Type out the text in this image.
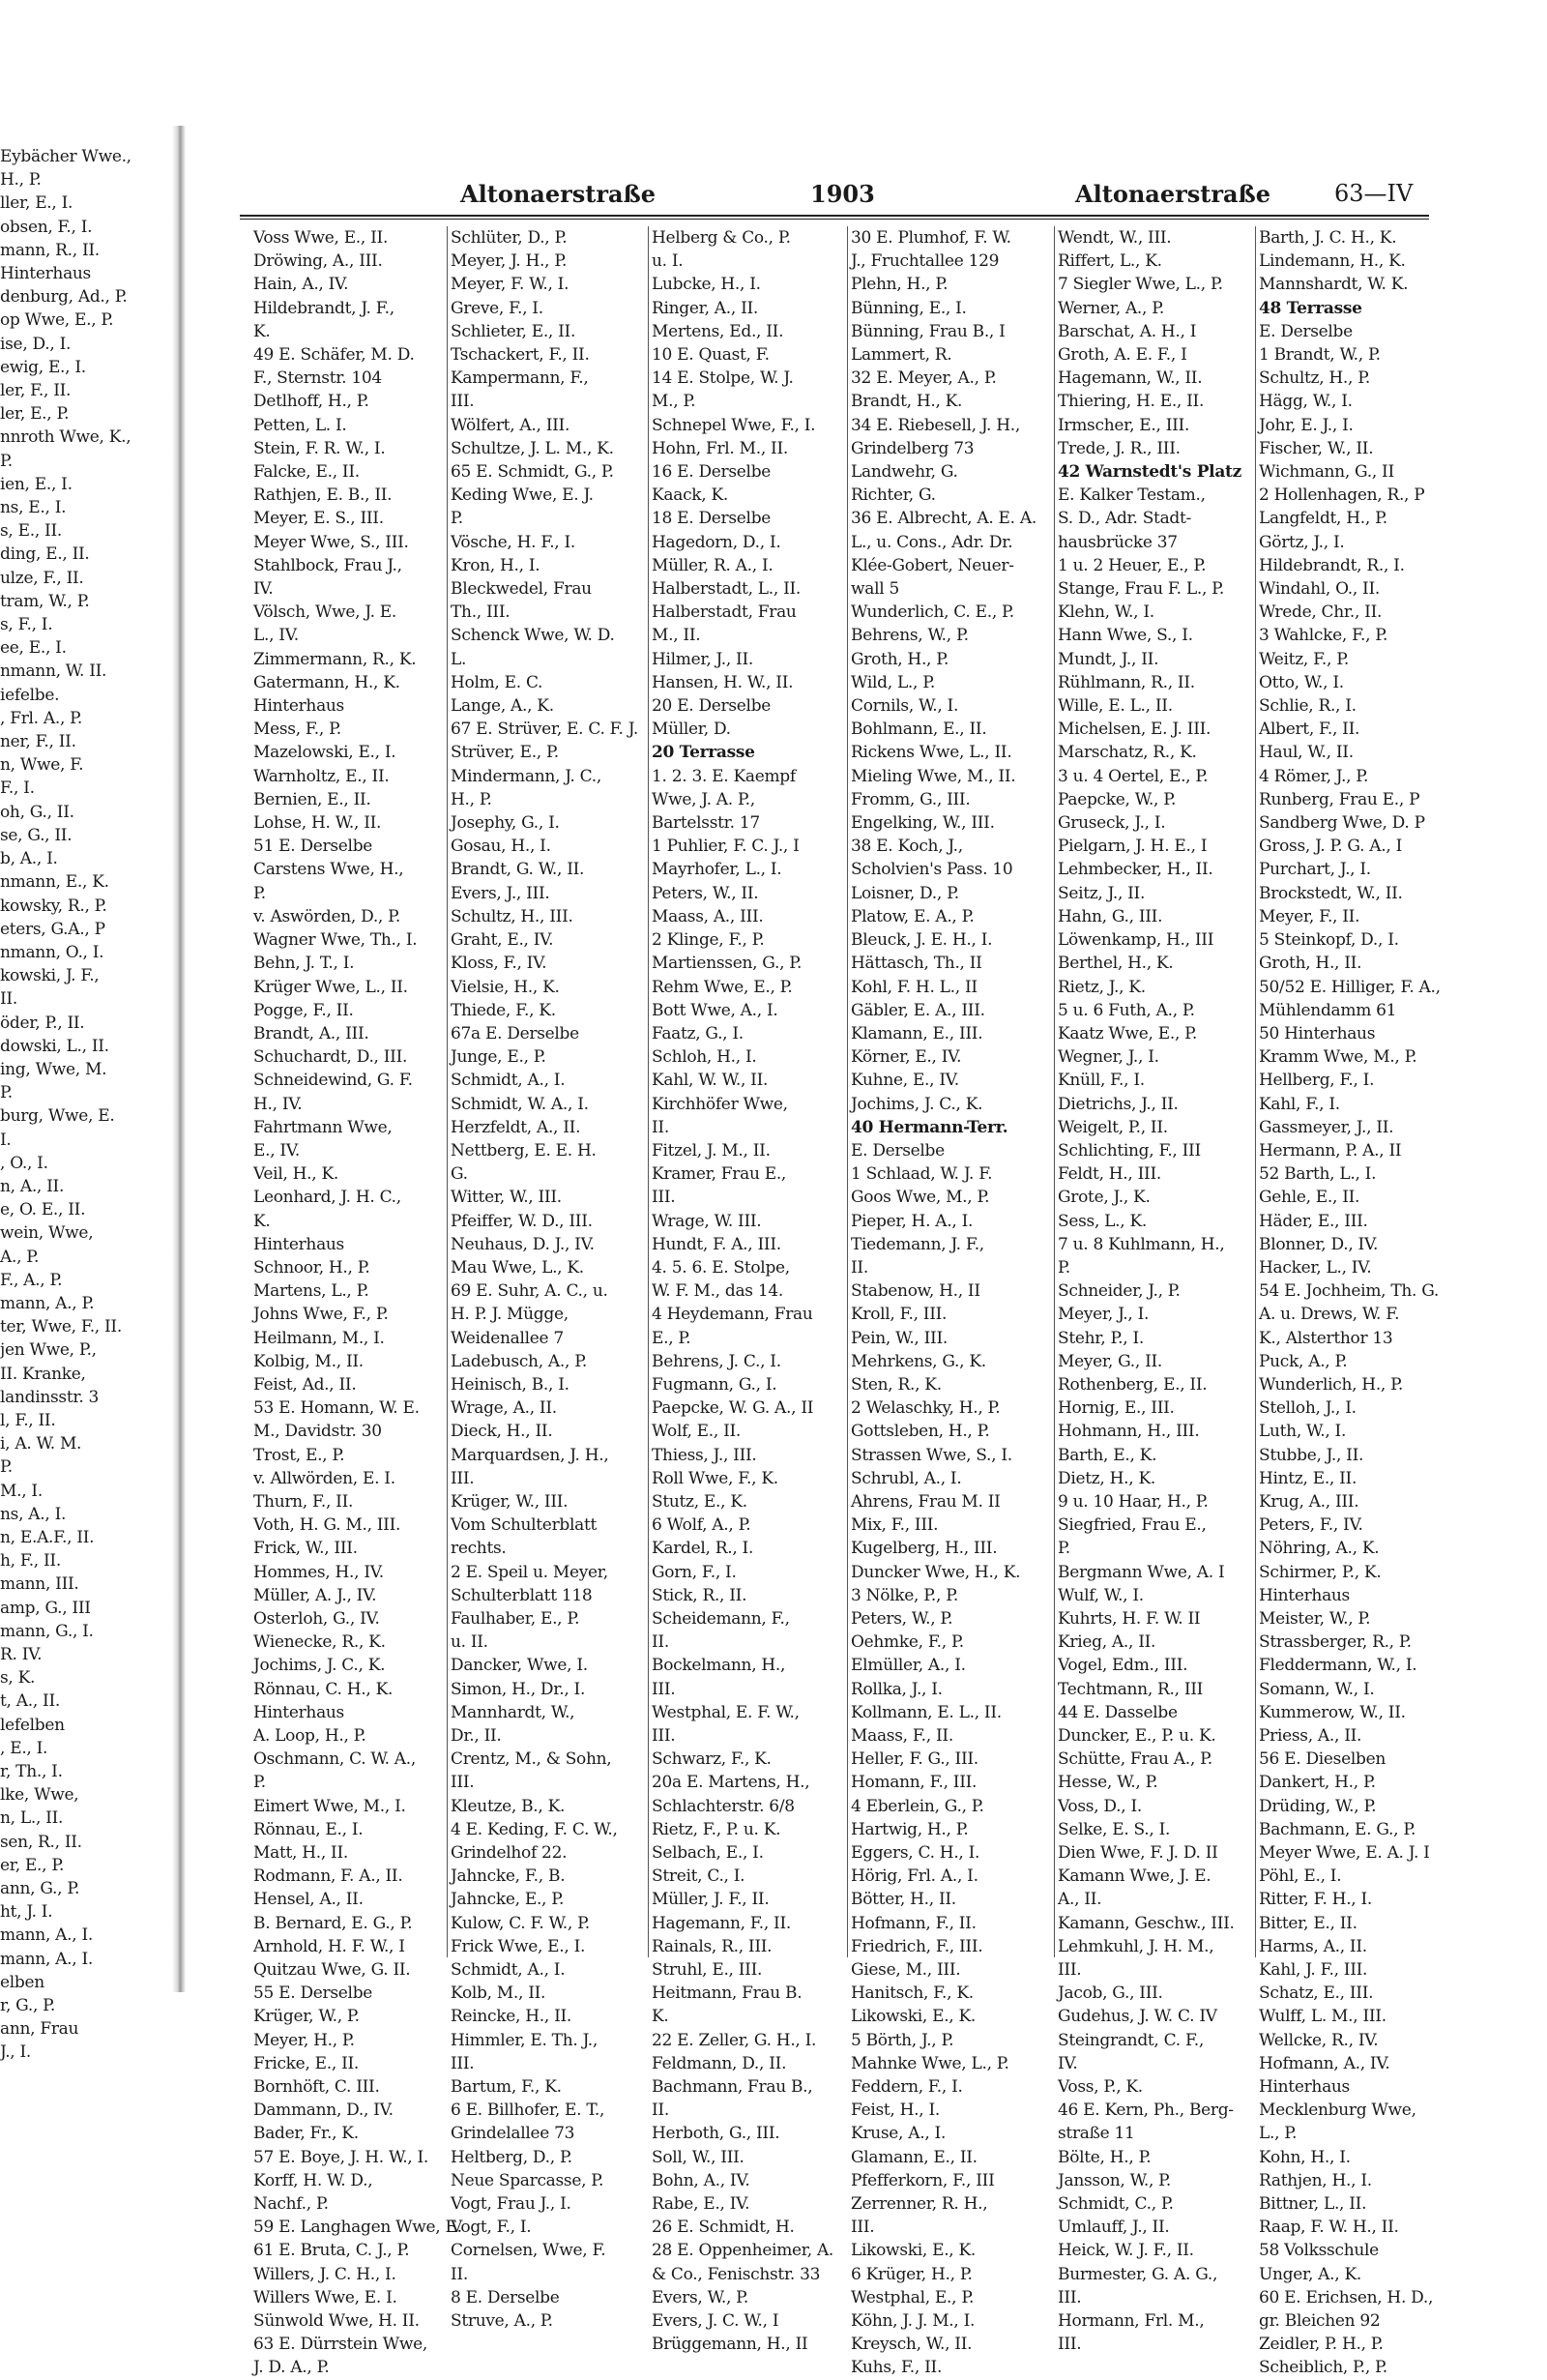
Eybächer Wwe.,
H., P.
ller, E., I.
obsen, F., I.
mann, R., II.
Hinterhaus
denburg, Ad., P.
op Wwe, E., P.
ise, D., I.
ewig, E., I.
ler, F., II.
ler, E., P.
nnroth Wwe, K.,
P.
ien, E., I.
ns, E., I.
s, E., II.
ding, E., II.
ulze, F., II.
tram, W., P.
s, F., I.
ee, E., I.
nmann, W. II.
iefelbe.
, Frl. A., P.
ner, F., II.
n, Wwe, F.
F., I.
oh, G., II.
se, G., II.
b, A., I.
nmann, E., K.
kowsky, R., P.
eters, G.A., P
nmann, O., I.
kowski, J. F.,
II.
öder, P., II.
dowski, L., II.
ing, Wwe, M.
P.
burg, Wwe, E.
I.
, O., I.
n, A., II.
e, O. E., II.
wein, Wwe,
A., P.
F., A., P.
mann, A., P.
ter, Wwe, F., II.
jen Wwe, P.,
II. Kranke,
landinsstr. 3
l, F., II.
i, A. W. M.
P.
M., I.
ns, A., I.
n, E.A.F., II.
h, F., II.
mann, III.
amp, G., III
mann, G., I.
R. IV.
s, K.
t, A., II.
lefelben
, E., I.
r, Th., I.
lke, Wwe,
n, L., II.
sen, R., II.
er, E., P.
ann, G., P.
ht, J. I.
mann, A., I.
mann, A., I.
elben
r, G., P.
ann, Frau
J., I.
Altonaerstraße	1903	Altonaerstraße	63—IV
Voss Wwe, E., II.
Dröwing, A., III.
Hain, A., IV.
Hildebrandt, J. F.,
K.
49 E. Schäfer, M. D.
F., Sternstr. 104
Detlhoff, H., P.
Petten, L. I.
Stein, F. R. W., I.
Falcke, E., II.
Rathjen, E. B., II.
Meyer, E. S., III.
Meyer Wwe, S., III.
Stahlbock, Frau J.,
IV.
Völsch, Wwe, J. E.
L., IV.
Zimmermann, R., K.
Gatermann, H., K.
Hinterhaus
Mess, F., P.
Mazelowski, E., I.
Warnholtz, E., II.
Bernien, E., II.
Lohse, H. W., II.
51 E. Derselbe
Carstens Wwe, H.,
P.
v. Aswörden, D., P.
Wagner Wwe, Th., I.
Behn, J. T., I.
Krüger Wwe, L., II.
Pogge, F., II.
Brandt, A., III.
Schuchardt, D., III.
Schneidewind, G. F.
H., IV.
Fahrtmann Wwe,
E., IV.
Veil, H., K.
Leonhard, J. H. C.,
K.
Hinterhaus
Schnoor, H., P.
Martens, L., P.
Johns Wwe, F., P.
Heilmann, M., I.
Kolbig, M., II.
Feist, Ad., II.
53 E. Homann, W. E.
M., Davidstr. 30
Trost, E., P.
v. Allwörden, E. I.
Thurn, F., II.
Voth, H. G. M., III.
Frick, W., III.
Hommes, H., IV.
Müller, A. J., IV.
Osterloh, G., IV.
Wienecke, R., K.
Jochims, J. C., K.
Rönnau, C. H., K.
Hinterhaus
A. Loop, H., P.
Oschmann, C. W. A.,
P.
Eimert Wwe, M., I.
Rönnau, E., I.
Matt, H., II.
Rodmann, F. A., II.
Hensel, A., II.
B. Bernard, E. G., P.
Arnhold, H. F. W., I
Quitzau Wwe, G. II.
55 E. Derselbe
Krüger, W., P.
Meyer, H., P.
Fricke, E., II.
Bornhöft, C. III.
Dammann, D., IV.
Bader, Fr., K.
57 E. Boye, J. H. W., I.
Korff, H. W. D.,
Nachf., P.
59 E. Langhagen Wwe, E.
61 E. Bruta, C. J., P.
Willers, J. C. H., I.
Willers Wwe, E. I.
Sünwold Wwe, H. II.
63 E. Dürrstein Wwe,
J. D. A., P.
Schlüter, D., P.
Meyer, J. H., P.
Meyer, F. W., I.
Greve, F., I.
Schlieter, E., II.
Tschackert, F., II.
Kampermann, F.,
III.
Wölfert, A., III.
Schultze, J. L. M., K.
65 E. Schmidt, G., P.
Keding Wwe, E. J.
P.
Vösche, H. F., I.
Kron, H., I.
Bleckwedel, Frau
Th., III.
Schenck Wwe, W. D.
L.
Holm, E. C.
Lange, A., K.
67 E. Strüver, E. C. F. J.
Strüver, E., P.
Mindermann, J. C.,
H., P.
Josephy, G., I.
Gosau, H., I.
Brandt, G. W., II.
Evers, J., III.
Schultz, H., III.
Graht, E., IV.
Kloss, F., IV.
Vielsie, H., K.
Thiede, F., K.
67a E. Derselbe
Junge, E., P.
Schmidt, A., I.
Schmidt, W. A., I.
Herzfeldt, A., II.
Nettberg, E. E. H.
G.
Witter, W., III.
Pfeiffer, W. D., III.
Neuhaus, D. J., IV.
Mau Wwe, L., K.
69 E. Suhr, A. C., u.
H. P. J. Mügge,
Weidenallee 7
Ladebusch, A., P.
Heinisch, B., I.
Wrage, A., II.
Dieck, H., II.
Marquardsen, J. H.,
III.
Krüger, W., III.
Vom Schulterblatt
rechts.
2 E. Speil u. Meyer,
Schulterblatt 118
Faulhaber, E., P.
u. II.
Dancker, Wwe, I.
Simon, H., Dr., I.
Mannhardt, W.,
Dr., II.
Crentz, M., & Sohn,
III.
Kleutze, B., K.
4 E. Keding, F. C. W.,
Grindelhof 22.
Jahncke, F., B.
Jahncke, E., P.
Kulow, C. F. W., P.
Frick Wwe, E., I.
Schmidt, A., I.
Kolb, M., II.
Reincke, H., II.
Himmler, E. Th. J.,
III.
Bartum, F., K.
6 E. Billhofer, E. T.,
Grindelallee 73
Heltberg, D., P.
Neue Sparcasse, P.
Vogt, Frau J., I.
Vogt, F., I.
Cornelsen, Wwe, F.
II.
8 E. Derselbe
Struve, A., P.
Helberg & Co., P.
u. I.
Lubcke, H., I.
Ringer, A., II.
Mertens, Ed., II.
10 E. Quast, F.
14 E. Stolpe, W. J.
M., P.
Schnepel Wwe, F., I.
Hohn, Frl. M., II.
16 E. Derselbe
Kaack, K.
18 E. Derselbe
Hagedorn, D., I.
Müller, R. A., I.
Halberstadt, L., II.
Halberstadt, Frau
M., II.
Hilmer, J., II.
Hansen, H. W., II.
20 E. Derselbe
Müller, D.
20 Terrasse
1. 2. 3. E. Kaempf
Wwe, J. A. P.,
Bartelsstr. 17
1 Puhlier, F. C. J., I
Mayrhofer, L., I.
Peters, W., II.
Maass, A., III.
2 Klinge, F., P.
Martienssen, G., P.
Rehm Wwe, E., P.
Bott Wwe, A., I.
Faatz, G., I.
Schloh, H., I.
Kahl, W. W., II.
Kirchhöfer Wwe,
II.
Fitzel, J. M., II.
Kramer, Frau E.,
III.
Wrage, W. III.
Hundt, F. A., III.
4. 5. 6. E. Stolpe,
W. F. M., das 14.
4 Heydemann, Frau
E., P.
Behrens, J. C., I.
Fugmann, G., I.
Paepcke, W. G. A., II
Wolf, E., II.
Thiess, J., III.
Roll Wwe, F., K.
Stutz, E., K.
6 Wolf, A., P.
Kardel, R., I.
Gorn, F., I.
Stick, R., II.
Scheidemann, F.,
II.
Bockelmann, H.,
III.
Westphal, E. F. W.,
III.
Schwarz, F., K.
20a E. Martens, H.,
Schlachterstr. 6/8
Rietz, F., P. u. K.
Selbach, E., I.
Streit, C., I.
Müller, J. F., II.
Hagemann, F., II.
Rainals, R., III.
Struhl, E., III.
Heitmann, Frau B.
K.
22 E. Zeller, G. H., I.
Feldmann, D., II.
Bachmann, Frau B.,
II.
Herboth, G., III.
Soll, W., III.
Bohn, A., IV.
Rabe, E., IV.
26 E. Schmidt, H.
28 E. Oppenheimer, A.
& Co., Fenischstr. 33
Evers, W., P.
Evers, J. C. W., I
Brüggemann, H., II
30 E. Plumhof, F. W.
J., Fruchtallee 129
Plehn, H., P.
Bünning, E., I.
Bünning, Frau B., I
Lammert, R.
32 E. Meyer, A., P.
Brandt, H., K.
34 E. Riebesell, J. H.,
Grindelberg 73
Landwehr, G.
Richter, G.
36 E. Albrecht, A. E. A.
L., u. Cons., Adr. Dr.
Klée-Gobert, Neuer-
wall 5
Wunderlich, C. E., P.
Behrens, W., P.
Groth, H., P.
Wild, L., P.
Cornils, W., I.
Bohlmann, E., II.
Rickens Wwe, L., II.
Mieling Wwe, M., II.
Fromm, G., III.
Engelking, W., III.
38 E. Koch, J.,
Scholvien's Pass. 10
Loisner, D., P.
Platow, E. A., P.
Bleuck, J. E. H., I.
Hättasch, Th., II
Kohl, F. H. L., II
Gäbler, E. A., III.
Klamann, E., III.
Körner, E., IV.
Kuhne, E., IV.
Jochims, J. C., K.
40 Hermann-Terr.
E. Derselbe
1 Schlaad, W. J. F.
Goos Wwe, M., P.
Pieper, H. A., I.
Tiedemann, J. F.,
II.
Stabenow, H., II
Kroll, F., III.
Pein, W., III.
Mehrkens, G., K.
Sten, R., K.
2 Welaschky, H., P.
Gottsleben, H., P.
Strassen Wwe, S., I.
Schrubl, A., I.
Ahrens, Frau M. II
Mix, F., III.
Kugelberg, H., III.
Duncker Wwe, H., K.
3 Nölke, P., P.
Peters, W., P.
Oehmke, F., P.
Elmüller, A., I.
Rollka, J., I.
Kollmann, E. L., II.
Maass, F., II.
Heller, F. G., III.
Homann, F., III.
4 Eberlein, G., P.
Hartwig, H., P.
Eggers, C. H., I.
Hörig, Frl. A., I.
Bötter, H., II.
Hofmann, F., II.
Friedrich, F., III.
Giese, M., III.
Hanitsch, F., K.
Likowski, E., K.
5 Börth, J., P.
Mahnke Wwe, L., P.
Feddern, F., I.
Feist, H., I.
Kruse, A., I.
Glamann, E., II.
Pfefferkorn, F., III
Zerrenner, R. H.,
III.
Likowski, E., K.
6 Krüger, H., P.
Westphal, E., P.
Köhn, J. J. M., I.
Kreysch, W., II.
Kuhs, F., II.
Wendt, W., III.
Riffert, L., K.
7 Siegler Wwe, L., P.
Werner, A., P.
Barschat, A. H., I
Groth, A. E. F., I
Hagemann, W., II.
Thiering, H. E., II.
Irmscher, E., III.
Trede, J. R., III.
42 Warnstedt's Platz
E. Kalker Testam.,
S. D., Adr. Stadt-
hausbrücke 37
1 u. 2 Heuer, E., P.
Stange, Frau F. L., P.
Klehn, W., I.
Hann Wwe, S., I.
Mundt, J., II.
Rühlmann, R., II.
Wille, E. L., II.
Michelsen, E. J. III.
Marschatz, R., K.
3 u. 4 Oertel, E., P.
Paepcke, W., P.
Gruseck, J., I.
Pielgarn, J. H. E., I
Lehmbecker, H., II.
Seitz, J., II.
Hahn, G., III.
Löwenkamp, H., III
Berthel, H., K.
Rietz, J., K.
5 u. 6 Futh, A., P.
Kaatz Wwe, E., P.
Wegner, J., I.
Knüll, F., I.
Dietrichs, J., II.
Weigelt, P., II.
Schlichting, F., III
Feldt, H., III.
Grote, J., K.
Sess, L., K.
7 u. 8 Kuhlmann, H.,
P.
Schneider, J., P.
Meyer, J., I.
Stehr, P., I.
Meyer, G., II.
Rothenberg, E., II.
Hornig, E., III.
Hohmann, H., III.
Barth, E., K.
Dietz, H., K.
9 u. 10 Haar, H., P.
Siegfried, Frau E.,
P.
Bergmann Wwe, A. I
Wulf, W., I.
Kuhrts, H. F. W. II
Krieg, A., II.
Vogel, Edm., III.
Techtmann, R., III
44 E. Dasselbe
Duncker, E., P. u. K.
Schütte, Frau A., P.
Hesse, W., P.
Voss, D., I.
Selke, E. S., I.
Dien Wwe, F. J. D. II
Kamann Wwe, J. E.
A., II.
Kamann, Geschw., III.
Lehmkuhl, J. H. M.,
III.
Jacob, G., III.
Gudehus, J. W. C. IV
Steingrandt, C. F.,
IV.
Voss, P., K.
46 E. Kern, Ph., Berg-
straße 11
Bölte, H., P.
Jansson, W., P.
Schmidt, C., P.
Umlauff, J., II.
Heick, W. J. F., II.
Burmester, G. A. G.,
III.
Hormann, Frl. M.,
III.
Barth, J. C. H., K.
Lindemann, H., K.
Mannshardt, W. K.
48 Terrasse
E. Derselbe
1 Brandt, W., P.
Schultz, H., P.
Hägg, W., I.
Johr, E. J., I.
Fischer, W., II.
Wichmann, G., II
2 Hollenhagen, R., P
Langfeldt, H., P.
Görtz, J., I.
Hildebrandt, R., I.
Windahl, O., II.
Wrede, Chr., II.
3 Wahlcke, F., P.
Weitz, F., P.
Otto, W., I.
Schlie, R., I.
Albert, F., II.
Haul, W., II.
4 Römer, J., P.
Runberg, Frau E., P
Sandberg Wwe, D. P
Gross, J. P. G. A., I
Purchart, J., I.
Brockstedt, W., II.
Meyer, F., II.
5 Steinkopf, D., I.
Groth, H., II.
50/52 E. Hilliger, F. A.,
Mühlendamm 61
50 Hinterhaus
Kramm Wwe, M., P.
Hellberg, F., I.
Kahl, F., I.
Gassmeyer, J., II.
Hermann, P. A., II
52 Barth, L., I.
Gehle, E., II.
Häder, E., III.
Blonner, D., IV.
Hacker, L., IV.
54 E. Jochheim, Th. G.
A. u. Drews, W. F.
K., Alsterthor 13
Puck, A., P.
Wunderlich, H., P.
Stelloh, J., I.
Luth, W., I.
Stubbe, J., II.
Hintz, E., II.
Krug, A., III.
Peters, F., IV.
Nöhring, A., K.
Schirmer, P., K.
Hinterhaus
Meister, W., P.
Strassberger, R., P.
Fleddermann, W., I.
Somann, W., I.
Kummerow, W., II.
Priess, A., II.
56 E. Dieselben
Dankert, H., P.
Drüding, W., P.
Bachmann, E. G., P.
Meyer Wwe, E. A. J. I
Pöhl, E., I.
Ritter, F. H., I.
Bitter, E., II.
Harms, A., II.
Kahl, J. F., III.
Schatz, E., III.
Wulff, L. M., III.
Wellcke, R., IV.
Hofmann, A., IV.
Hinterhaus
Mecklenburg Wwe,
L., P.
Kohn, H., I.
Rathjen, H., I.
Bittner, L., II.
Raap, F. W. H., II.
58 Volksschule
Unger, A., K.
60 E. Erichsen, H. D.,
gr. Bleichen 92
Zeidler, P. H., P.
Scheiblich, P., P.
